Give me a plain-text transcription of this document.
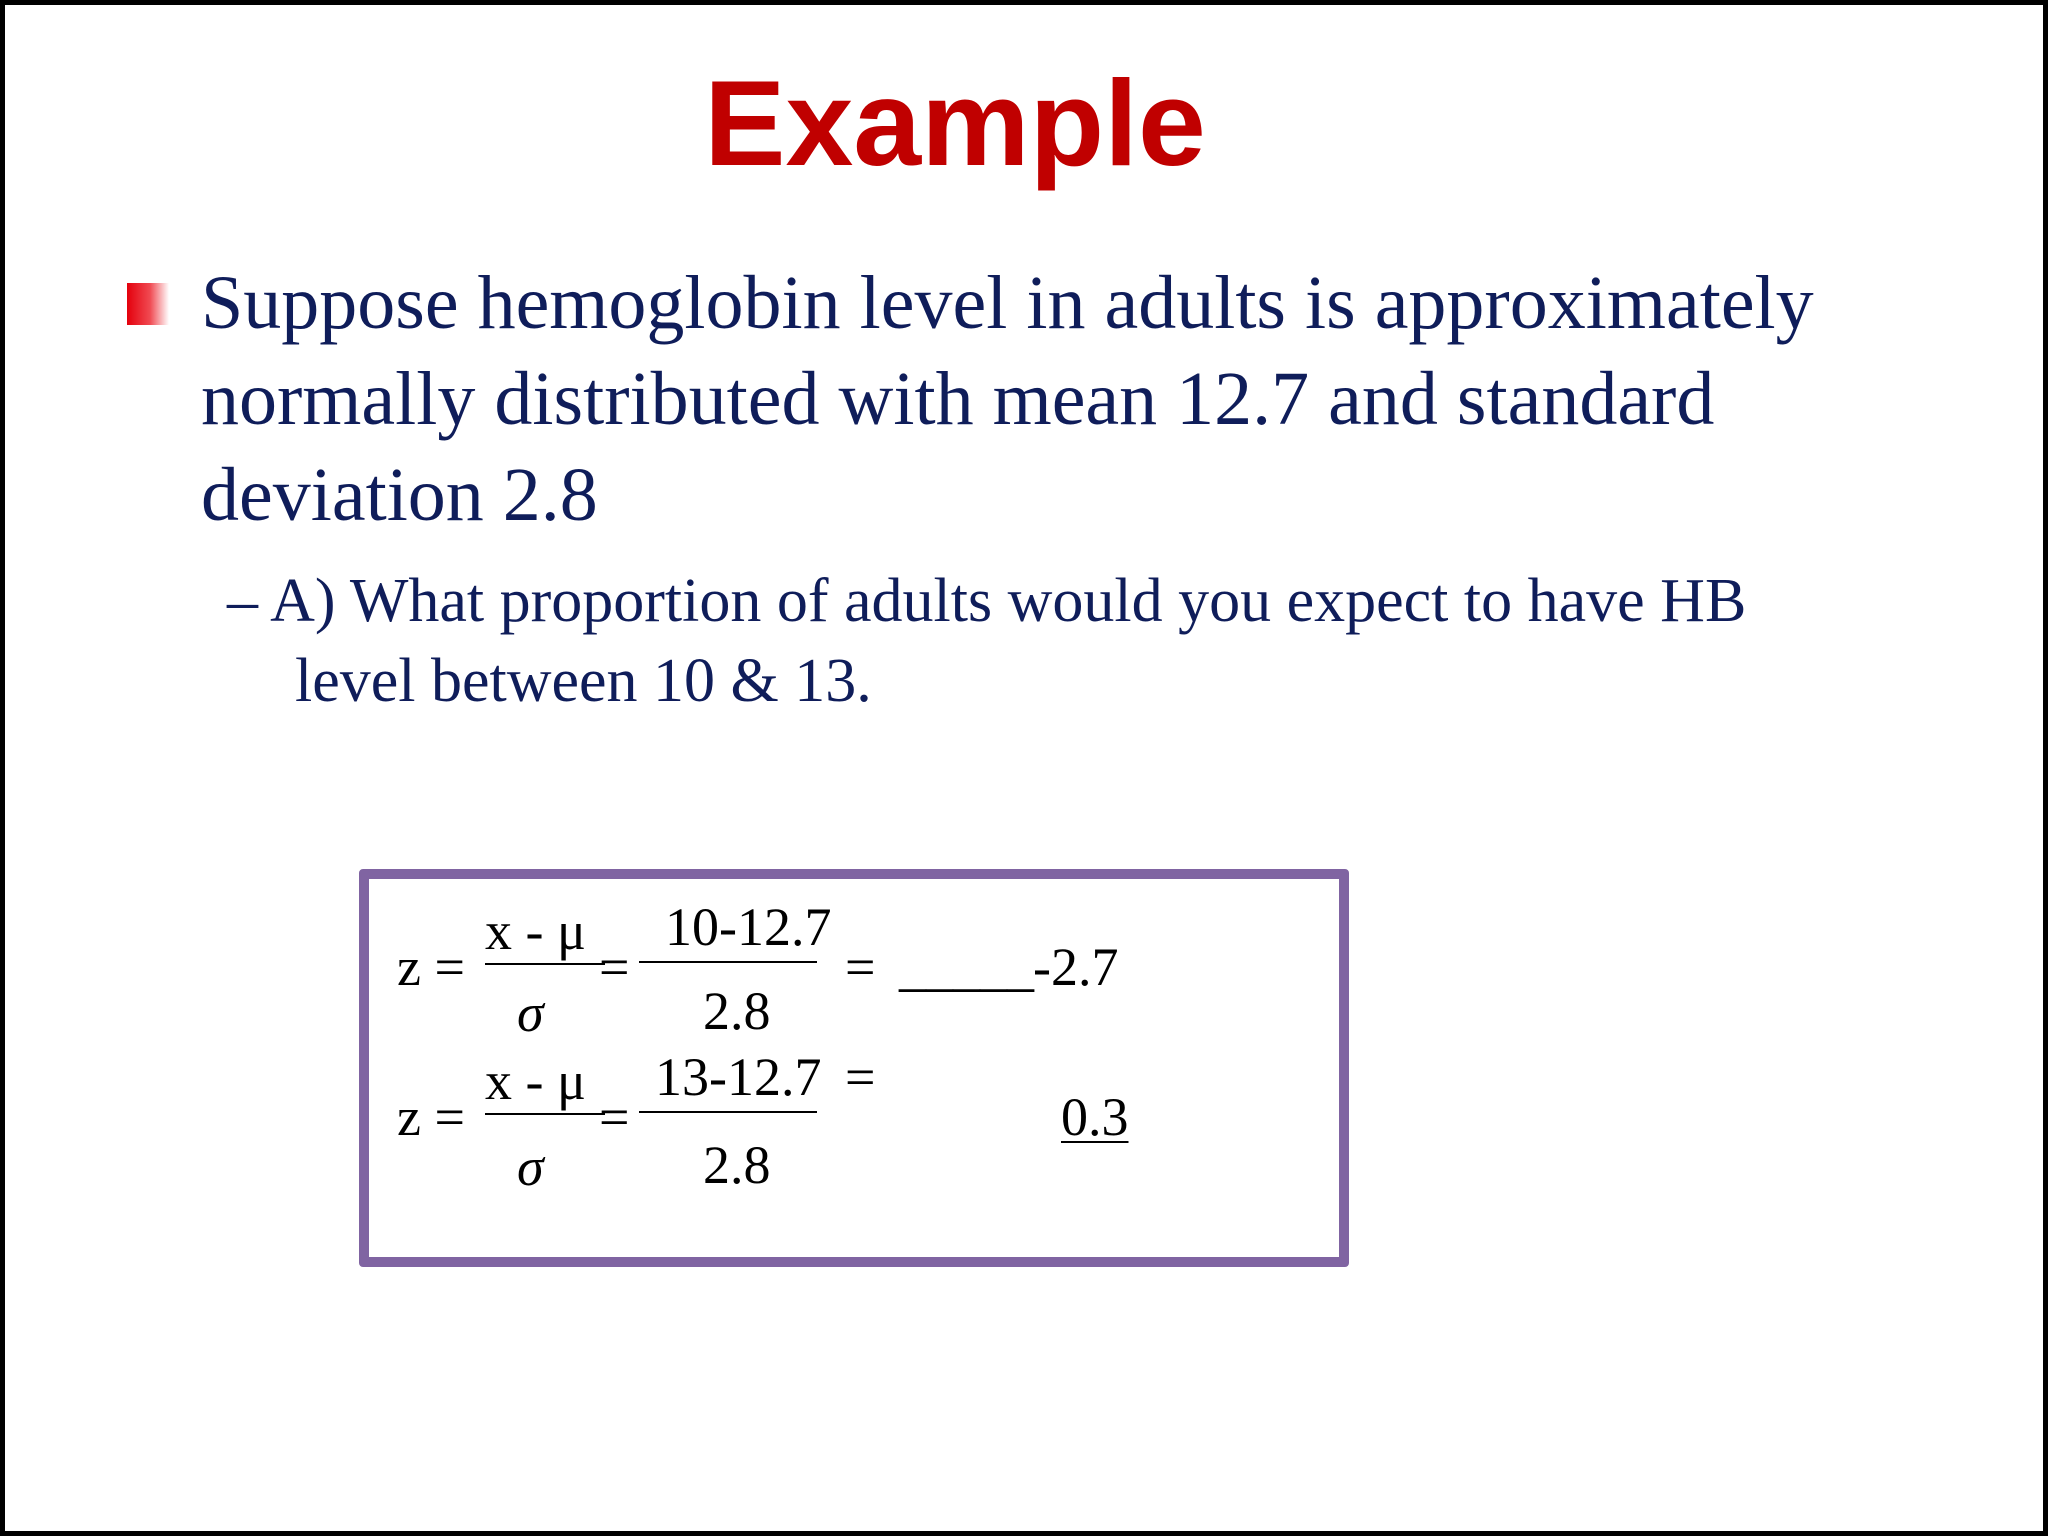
Example

Suppose hemoglobin level in adults is approximately
normally distributed with mean 12.7 and standard
deviation 2.8

– A) What proportion of adults would you expect to have HB
level between 10 & 13.

z =
x - μ
=
10-12.7
= _____ -2.7
σ	2.8
z =
x - μ
=
13-12.7 =
0.3
σ	2.8
